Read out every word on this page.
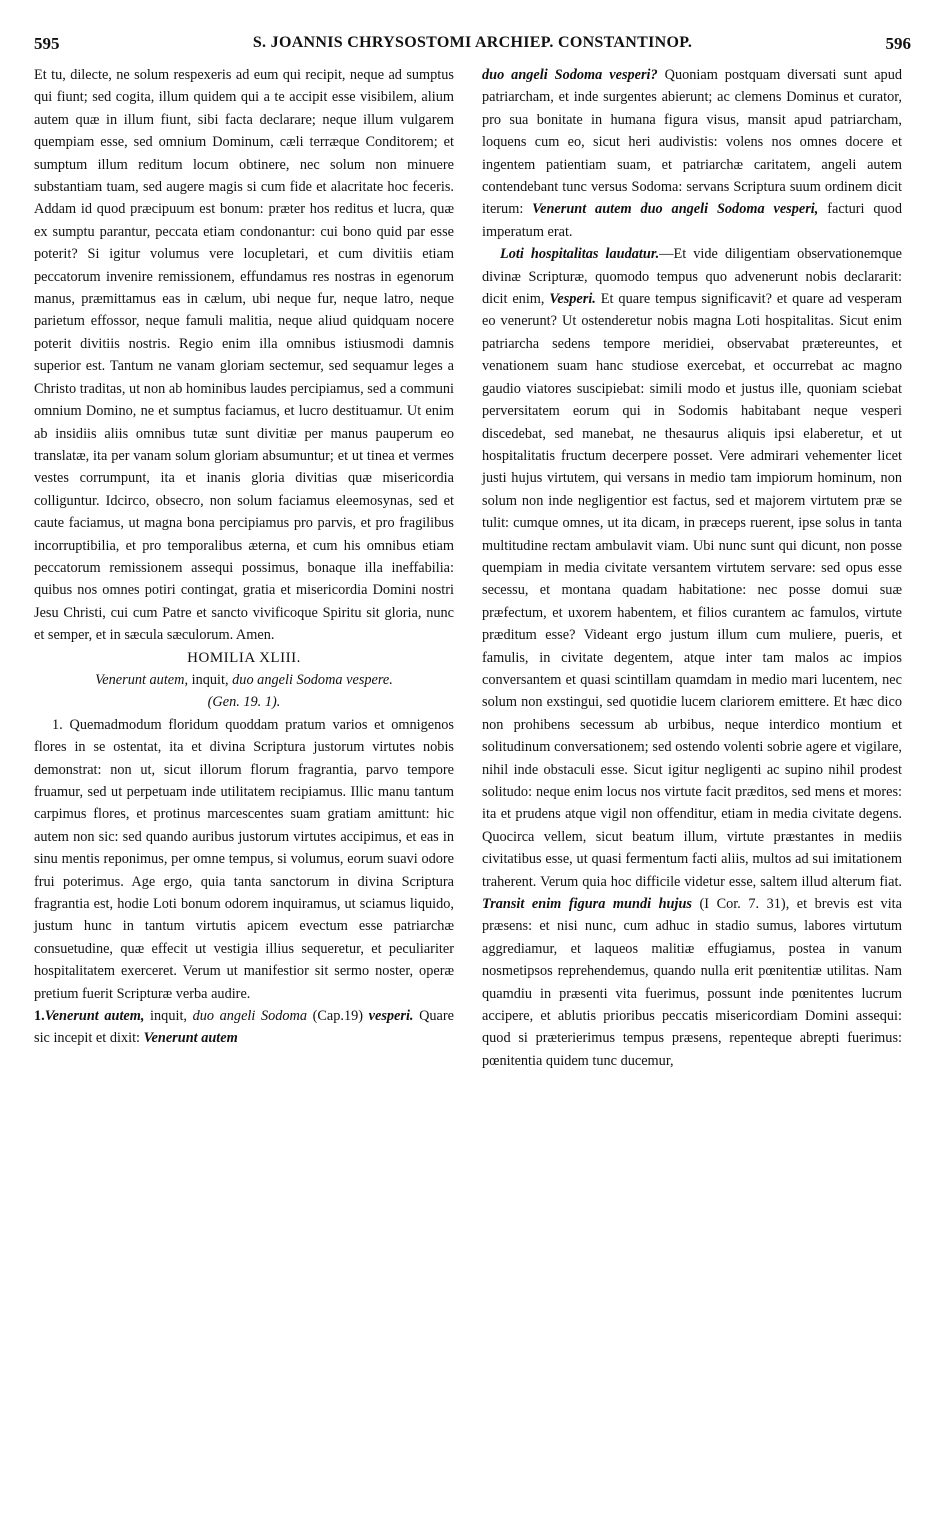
595	S. JOANNIS CHRYSOSTOMI ARCHIEP. CONSTANTINOP.	596

Et tu, dilecte, ne solum respexeris ad eum qui recipit, neque ad sumptus qui fiunt; sed cogita, illum quidem qui a te accipit esse visibilem, alium autem quæ in illum fiunt, sibi facta declarare; neque illum vulgarem quempiam esse, sed omnium Dominum, cæli terræque Conditorem; et sumptum illum reditum locum obtinere, nec solum non minuere substantiam tuam, sed augere magis si cum fide et alacritate hoc feceris. Addam id quod præcipuum est bonum: præter hos reditus et lucra, quæ ex sumptu parantur, peccata etiam condonantur: cui bono quid par esse poterit? Si igitur volumus vere locupletari, et cum divitiis etiam peccatorum invenire remissionem, effundamus res nostras in egenorum manus, præmittamus eas in cælum, ubi neque fur, neque latro, neque parietum effossor, neque famuli malitia, neque aliud quidquam nocere poterit divitiis nostris. Regio enim illa omnibus istiusmodi damnis superior est. Tantum ne vanam gloriam sectemur, sed sequamur leges a Christo traditas, ut non ab hominibus laudes percipiamus, sed a communi omnium Domino, ne et sumptus faciamus, et lucro destituamur. Ut enim ab insidiis aliis omnibus tutæ sunt divitiæ per manus pauperum eo translatæ, ita per vanam solum gloriam absumuntur; et ut tinea et vermes vestes corrumpunt, ita et inanis gloria divitias quæ misericordia colliguntur. Idcirco, obsecro, non solum faciamus eleemosynas, sed et caute faciamus, ut magna bona percipiamus pro parvis, et pro fragilibus incorruptibilia, et pro temporalibus æterna, et cum his omnibus etiam peccatorum remissionem assequi possimus, bonaque illa ineffabilia: quibus nos omnes potiri contingat, gratia et misericordia Domini nostri Jesu Christi, cui cum Patre et sancto vivificoque Spiritu sit gloria, nunc et semper, et in sæcula sæculorum. Amen.

HOMILIA XLIII.

Venerunt autem, inquit, duo angeli Sodoma vespere.
(Gen. 19. 1).

1. Quemadmodum floridum quoddam pratum varios et omnigenos flores in se ostentat, ita et divina Scriptura justorum virtutes nobis demonstrat: non ut, sicut illorum florum fragrantia, parvo tempore fruamur, sed ut perpetuam inde utilitatem recipiamus. Illic manu tantum carpimus flores, et protinus marcescentes suam gratiam amittunt: hic autem non sic: sed quando auribus justorum virtutes accipimus, et eas in sinu mentis reponimus, per omne tempus, si volumus, eorum suavi odore frui poterimus. Age ergo, quia tanta sanctorum in divina Scriptura fragrantia est, hodie Loti bonum odorem inquiramus, ut sciamus liquido, justum hunc in tantum virtutis apicem evectum esse patriarchæ consuetudine, quæ effecit ut vestigia illius sequeretur, et peculiariter hospitalitatem exerceret. Verum ut manifestior sit sermo noster, operæ pretium fuerit Scripturæ verba audire.

1.Venerunt autem, inquit, duo angeli Sodoma (Cap.19) vesperi. Quare sic incepit et dixit: Venerunt autem

duo angeli Sodoma vesperi? Quoniam postquam diversati sunt apud patriarcham, et inde surgentes abierunt; ac clemens Dominus et curator, pro sua bonitate in humana figura visus, mansit apud patriarcham, loquens cum eo, sicut heri audivistis: volens nos omnes docere et ingentem patientiam suam, et patriarchæ caritatem, angeli autem contendebant tunc versus Sodoma: servans Scriptura suum ordinem dicit iterum: Venerunt autem duo angeli Sodoma vesperi, facturi quod imperatum erat.

Loti hospitalitas laudatur.—Et vide diligentiam observationemque divinæ Scripturæ, quomodo tempus quo advenerunt nobis declararit: dicit enim, Vesperi. Et quare tempus significavit? et quare ad vesperam eo venerunt? Ut ostenderetur nobis magna Loti hospitalitas. Sicut enim patriarcha sedens tempore meridiei, observabat prætereuntes, et venationem suam hanc studiose exercebat, et occurrebat ac magno gaudio viatores suscipiebat: simili modo et justus ille, quoniam sciebat perversitatem eorum qui in Sodomis habitabant neque vesperi discedebat, sed manebat, ne thesaurus aliquis ipsi elaberetur, et ut hospitalitatis fructum decerpere posset. Vere admirari vehementer licet justi hujus virtutem, qui versans in medio tam impiorum hominum, non solum non inde negligentior est factus, sed et majorem virtutem præ se tulit: cumque omnes, ut ita dicam, in præceps ruerent, ipse solus in tanta multitudine rectam ambulavit viam. Ubi nunc sunt qui dicunt, non posse quempiam in media civitate versantem virtutem servare: sed opus esse secessu, et montana quadam habitatione: nec posse domui suæ præfectum, et uxorem habentem, et filios curantem ac famulos, virtute præditum esse? Videant ergo justum illum cum muliere, pueris, et famulis, in civitate degentem, atque inter tam malos ac impios conversantem et quasi scintillam quamdam in medio mari lucentem, nec solum non exstingui, sed quotidie lucem clariorem emittere. Et hæc dico non prohibens secessum ab urbibus, neque interdico montium et solitudinum conversationem; sed ostendo volenti sobrie agere et vigilare, nihil inde obstaculi esse. Sicut igitur negligenti ac supino nihil prodest solitudo: neque enim locus nos virtute facit præditos, sed mens et mores: ita et prudens atque vigil non offenditur, etiam in media civitate degens. Quocirca vellem, sicut beatum illum, virtute præstantes in mediis civitatibus esse, ut quasi fermentum facti aliis, multos ad sui imitationem traherent. Verum quia hoc difficile videtur esse, saltem illud alterum fiat. Transit enim figura mundi hujus (I Cor. 7. 31), et brevis est vita præsens: et nisi nunc, cum adhuc in stadio sumus, labores virtutum aggrediamur, et laqueos malitiæ effugiamus, postea in vanum nosmetipsos reprehendemus, quando nulla erit pœnitentiæ utilitas. Nam quamdiu in præsenti vita fuerimus, possunt inde pœnitentes lucrum accipere, et ablutis prioribus peccatis misericordiam Domini assequi: quod si præterierimus tempus præsens, repenteque abrepti fuerimus: pœnitentia quidem tunc ducemur,
